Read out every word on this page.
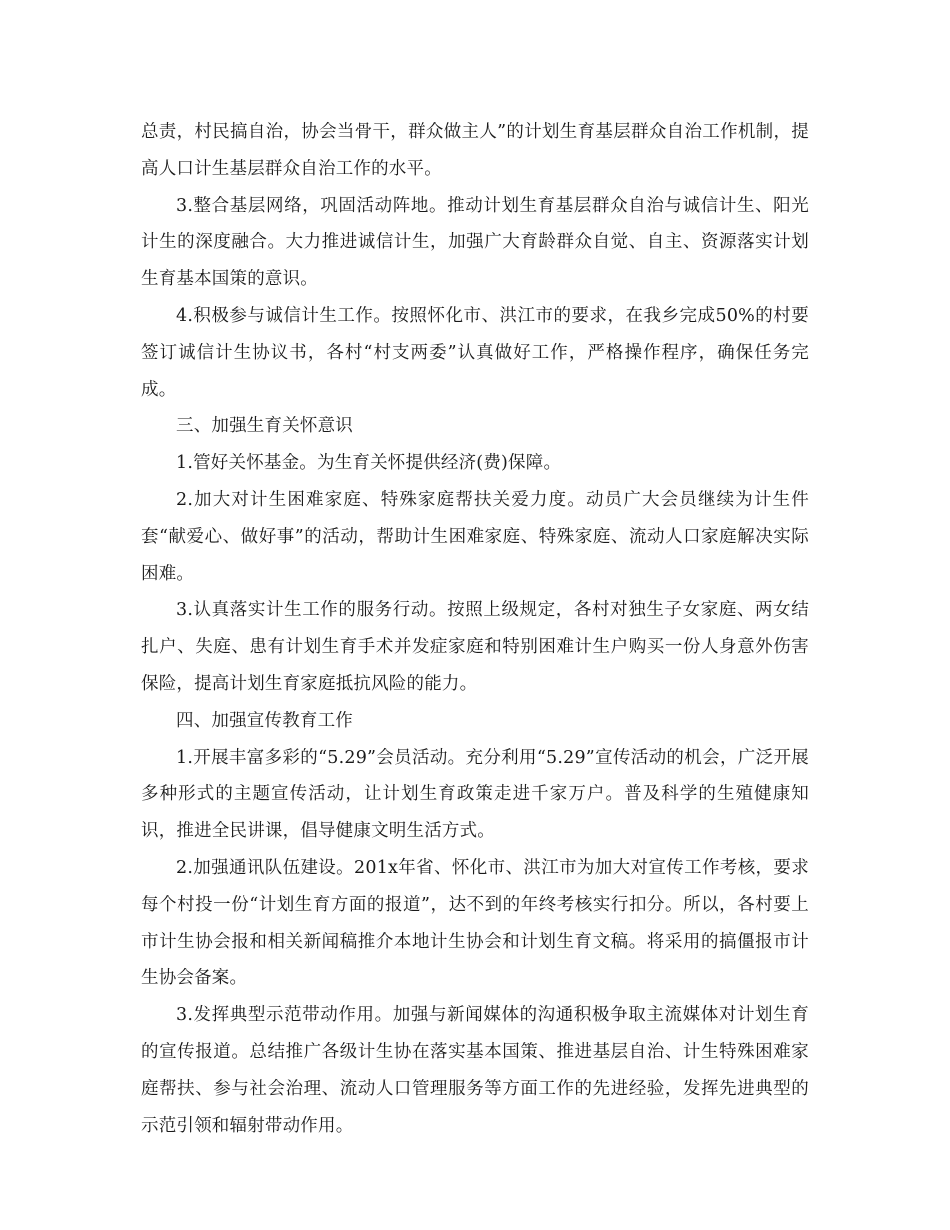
总责，村民搞自治，协会当骨干，群众做主人”的计划生育基层群众自治工作机制，提高人口计生基层群众自治工作的水平。

3.整合基层网络，巩固活动阵地。推动计划生育基层群众自治与诚信计生、阳光计生的深度融合。大力推进诚信计生，加强广大育龄群众自觉、自主、资源落实计划生育基本国策的意识。

4.积极参与诚信计生工作。按照怀化市、洪江市的要求，在我乡完成50%的村要签订诚信计生协议书，各村“村支两委”认真做好工作，严格操作程序，确保任务完成。

三、加强生育关怀意识

1.管好关怀基金。为生育关怀提供经济(费)保障。

2.加大对计生困难家庭、特殊家庭帮扶关爱力度。动员广大会员继续为计生件套“献爱心、做好事”的活动，帮助计生困难家庭、特殊家庭、流动人口家庭解决实际困难。

3.认真落实计生工作的服务行动。按照上级规定，各村对独生子女家庭、两女结扎户、失庭、患有计划生育手术并发症家庭和特别困难计生户购买一份人身意外伤害保险，提高计划生育家庭抵抗风险的能力。

四、加强宣传教育工作

1.开展丰富多彩的“5.29”会员活动。充分利用“5.29”宣传活动的机会，广泛开展多种形式的主题宣传活动，让计划生育政策走进千家万户。普及科学的生殖健康知识，推进全民讲课，倡导健康文明生活方式。

2.加强通讯队伍建设。201x年省、怀化市、洪江市为加大对宣传工作考核，要求每个村投一份“计划生育方面的报道”，达不到的年终考核实行扣分。所以，各村要上市计生协会报和相关新闻稿推介本地计生协会和计划生育文稿。将采用的搞僵报市计生协会备案。

3.发挥典型示范带动作用。加强与新闻媒体的沟通积极争取主流媒体对计划生育的宣传报道。总结推广各级计生协在落实基本国策、推进基层自治、计生特殊困难家庭帮扶、参与社会治理、流动人口管理服务等方面工作的先进经验，发挥先进典型的示范引领和辐射带动作用。
